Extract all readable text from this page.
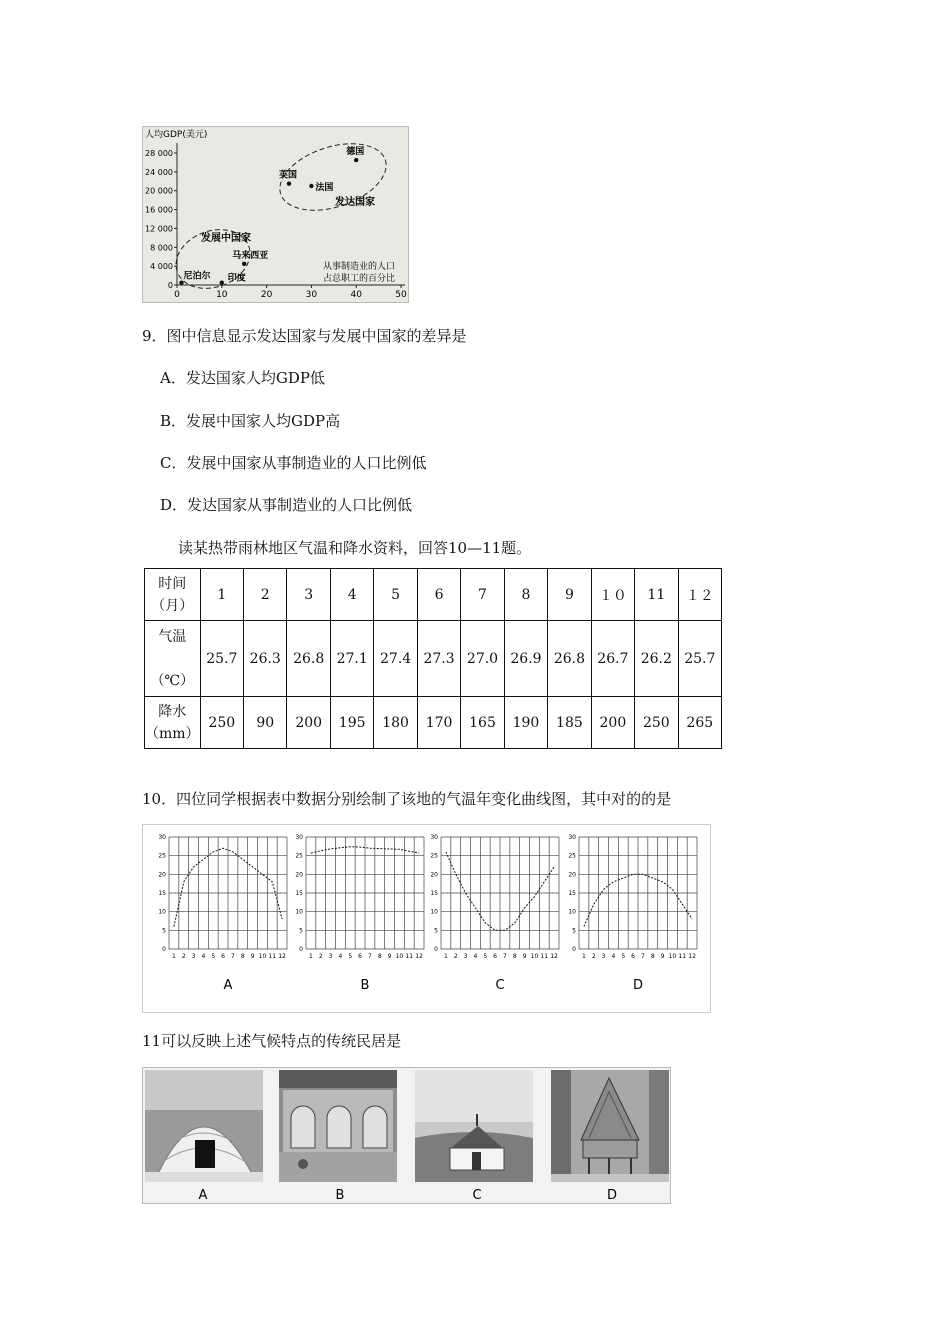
人均GDP(美元)
28 000
24 000
20 000
16 000
12 000
8 000
4 000
0
0	10	20	30	40	50
发达国家
发展中国家
从事制造业的人口
占总职工的百分比
德国
英国
法国
马来西亚
尼泊尔 印度
9．图中信息显示发达国家与发展中国家的差异是
A．发达国家人均GDP低
B．发展中国家人均GDP高
C．发展中国家从事制造业的人口比例低
D．发达国家从事制造业的人口比例低
读某热带雨林地区气温和降水资料，回答10—11题。
时间
（月）	1	2	3	4	5	6	7	8	9	１０	11	１２
气温

（℃）	25.7	26.3	26.8	27.1	27.4	27.3	27.0	26.9	26.8	26.7	26.2	25.7
降水
（mm）	250	90	200	195	180	170	165	190	185	200	250	265
10．四位同学根据表中数据分别绘制了该地的气温年变化曲线图，其中对的的是
0
5
10
15
20
25
30
1 2 3 4 5 6 7 8 9 10 11 12
A
0
5
10
15
20
25
30
1 2 3 4 5 6 7 8 9 10 11 12
B
0
5
10
15
20
25
30
1 2 3 4 5 6 7 8 9 10 11 12
C
0
5
10
15
20
25
30
1 2 3 4 5 6 7 8 9 10 11 12
D
11可以反映上述气候特点的传统民居是
A	B	C	D
